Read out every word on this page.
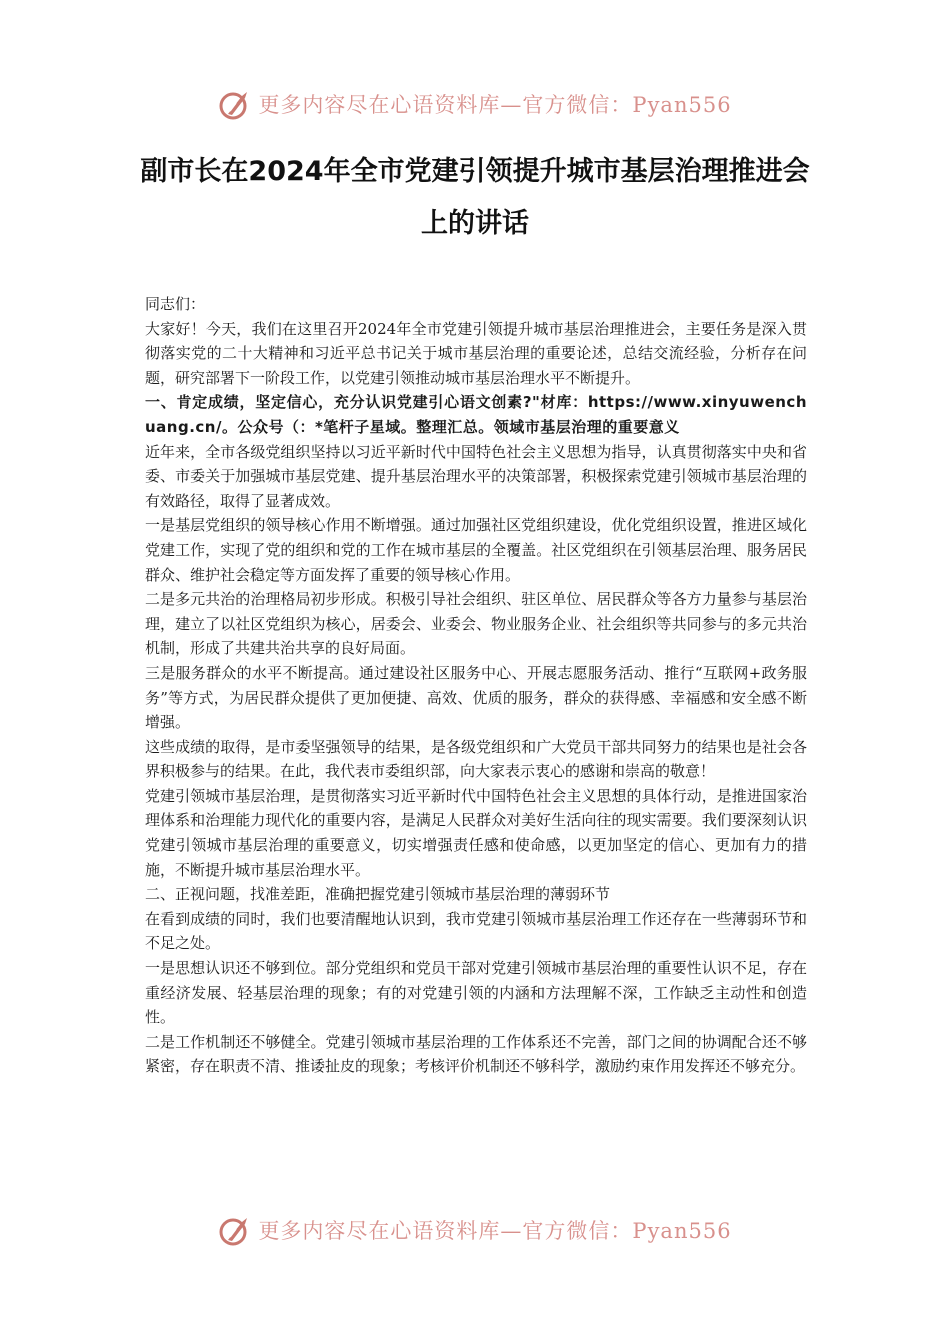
更多内容尽在心语资料库—官方微信：Pyan556
副市长在2024年全市党建引领提升城市基层治理推进会上的讲话

同志们：

大家好！今天，我们在这里召开2024年全市党建引领提升城市基层治理推进会，主要任务是深入贯彻落实党的二十大精神和习近平总书记关于城市基层治理的重要论述，总结交流经验，分析存在问题，研究部署下一阶段工作，以党建引领推动城市基层治理水平不断提升。

一、肯定成绩，坚定信心，充分认识党建引心语文创素?"材库：https://www.xinyuwenchuang.cn/。公众号（：*笔杆子星域。整理汇总。领域市基层治理的重要意义

近年来，全市各级党组织坚持以习近平新时代中国特色社会主义思想为指导，认真贯彻落实中央和省委、市委关于加强城市基层党建、提升基层治理水平的决策部署，积极探索党建引领城市基层治理的有效路径，取得了显著成效。

一是基层党组织的领导核心作用不断增强。通过加强社区党组织建设，优化党组织设置，推进区域化党建工作，实现了党的组织和党的工作在城市基层的全覆盖。社区党组织在引领基层治理、服务居民群众、维护社会稳定等方面发挥了重要的领导核心作用。

二是多元共治的治理格局初步形成。积极引导社会组织、驻区单位、居民群众等各方力量参与基层治理，建立了以社区党组织为核心，居委会、业委会、物业服务企业、社会组织等共同参与的多元共治机制，形成了共建共治共享的良好局面。

三是服务群众的水平不断提高。通过建设社区服务中心、开展志愿服务活动、推行“互联网+政务服务”等方式，为居民群众提供了更加便捷、高效、优质的服务，群众的获得感、幸福感和安全感不断增强。

这些成绩的取得，是市委坚强领导的结果，是各级党组织和广大党员干部共同努力的结果也是社会各界积极参与的结果。在此，我代表市委组织部，向大家表示衷心的感谢和崇高的敬意！

党建引领城市基层治理，是贯彻落实习近平新时代中国特色社会主义思想的具体行动，是推进国家治理体系和治理能力现代化的重要内容，是满足人民群众对美好生活向往的现实需要。我们要深刻认识党建引领城市基层治理的重要意义，切实增强责任感和使命感，以更加坚定的信心、更加有力的措施，不断提升城市基层治理水平。

二、正视问题，找准差距，准确把握党建引领城市基层治理的薄弱环节

在看到成绩的同时，我们也要清醒地认识到，我市党建引领城市基层治理工作还存在一些薄弱环节和不足之处。

一是思想认识还不够到位。部分党组织和党员干部对党建引领城市基层治理的重要性认识不足，存在重经济发展、轻基层治理的现象；有的对党建引领的内涵和方法理解不深，工作缺乏主动性和创造性。

二是工作机制还不够健全。党建引领城市基层治理的工作体系还不完善，部门之间的协调配合还不够紧密，存在职责不清、推诿扯皮的现象；考核评价机制还不够科学，激励约束作用发挥还不够充分。

更多内容尽在心语资料库—官方微信：Pyan556
